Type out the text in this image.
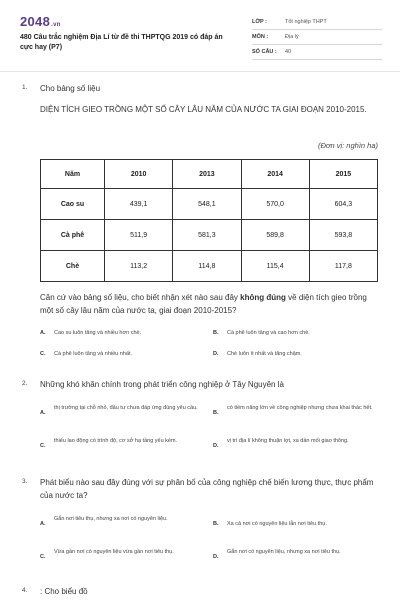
2048.vn
480 Câu trắc nghiệm Địa Lí từ đề thi THPTQG 2019 có đáp án cực hay (P7)
LỚP :	Tốt nghiệp THPT
MÔN :	Địa lý
SỐ CÂU : 40
1. Cho bảng số liệu
DIỆN TÍCH GIEO TRỒNG MỘT SỐ CÂY LÂU NĂM CỦA NƯỚC TA GIAI ĐOẠN 2010-2015.
(Đơn vị: nghìn ha)
Năm	2010	2013	2014	2015
Cao su	439,1	548,1	570,0	604,3
Cà phê	511,9	581,3	589,8	593,8
Chè	113,2	114,8	115,4	117,8
Căn cứ vào bảng số liệu, cho biết nhận xét nào sau đây không đúng về diện tích gieo trồng một số cây lâu năm của nước ta, giai đoạn 2010-2015?
A. Cao su luôn tăng và nhiều hơn chè.	B. Cà phê luôn tăng và cao hơn chè.
C. Cà phê luôn tăng và nhiều nhất.	D. Chè luôn ít nhất và tăng chậm.
2. Những khó khăn chính trong phát triển công nghiệp ở Tây Nguyên là
A.
thị trường tại chỗ nhỏ, đầu tư chưa đáp ứng đúng yêu cầu.
B.
có tiềm năng lớn về công nghiệp nhưng chưa khai thác hết.
C.
thiếu lao động có trình độ, cơ sở hạ tầng yếu kém.
D.
vị trí địa lí không thuận lợi, xa dần mối giao thông.
3. Phát biểu nào sau đây đúng với sự phân bố của công nghiệp chế biến lương thực, thực phẩm của nước ta?
A.
Gắn nơi tiêu thụ, nhưng xa nơi có nguyên liệu.
B. Xa cả nơi có nguyên liệu lẫn nơi tiêu thụ.
C.
Vừa gần nơi có nguyên liệu vừa gần nơi tiêu thụ.
D.
Gắn nơi có nguyên liệu, nhưng xa nơi tiêu thụ.
4. : Cho biểu đồ
